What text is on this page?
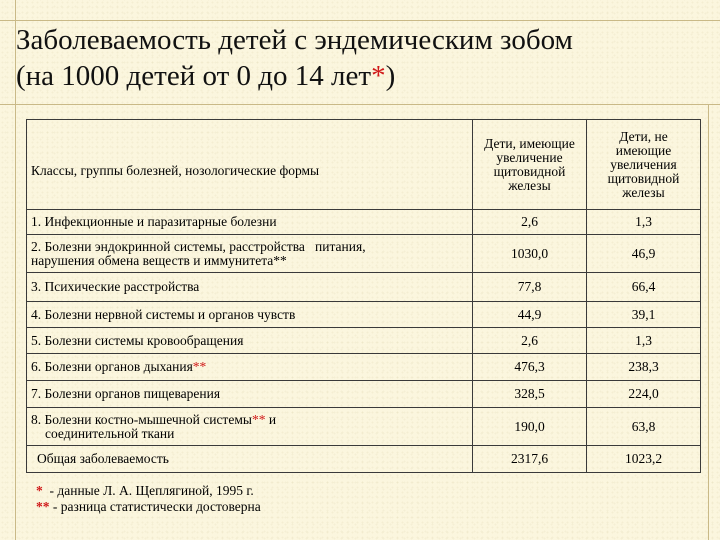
Заболеваемость детей с эндемическим зобом
(на 1000 детей от 0 до 14 лет*)
Классы, группы болезней, нозологические формы	Дети, имеющие увеличение щитовидной железы	Дети, не имеющие увеличения щитовидной железы
1. Инфекционные и паразитарные болезни	2,6	1,3
2. Болезни эндокринной системы, расстройства   питания,
нарушения обмена веществ и иммунитета**	1030,0	46,9
3. Психические расстройства	77,8	66,4
4. Болезни нервной системы и органов чувств	44,9	39,1
5. Болезни системы кровообращения	2,6	1,3
6. Болезни органов дыхания**	476,3	238,3
7. Болезни органов пищеварения	328,5	224,0
8. Болезни костно-мышечной системы** и
соединительной ткани	190,0	63,8
Общая заболеваемость	2317,6	1023,2
*  - данные Л. А. Щеплягиной, 1995 г.
** - разница статистически достоверна
